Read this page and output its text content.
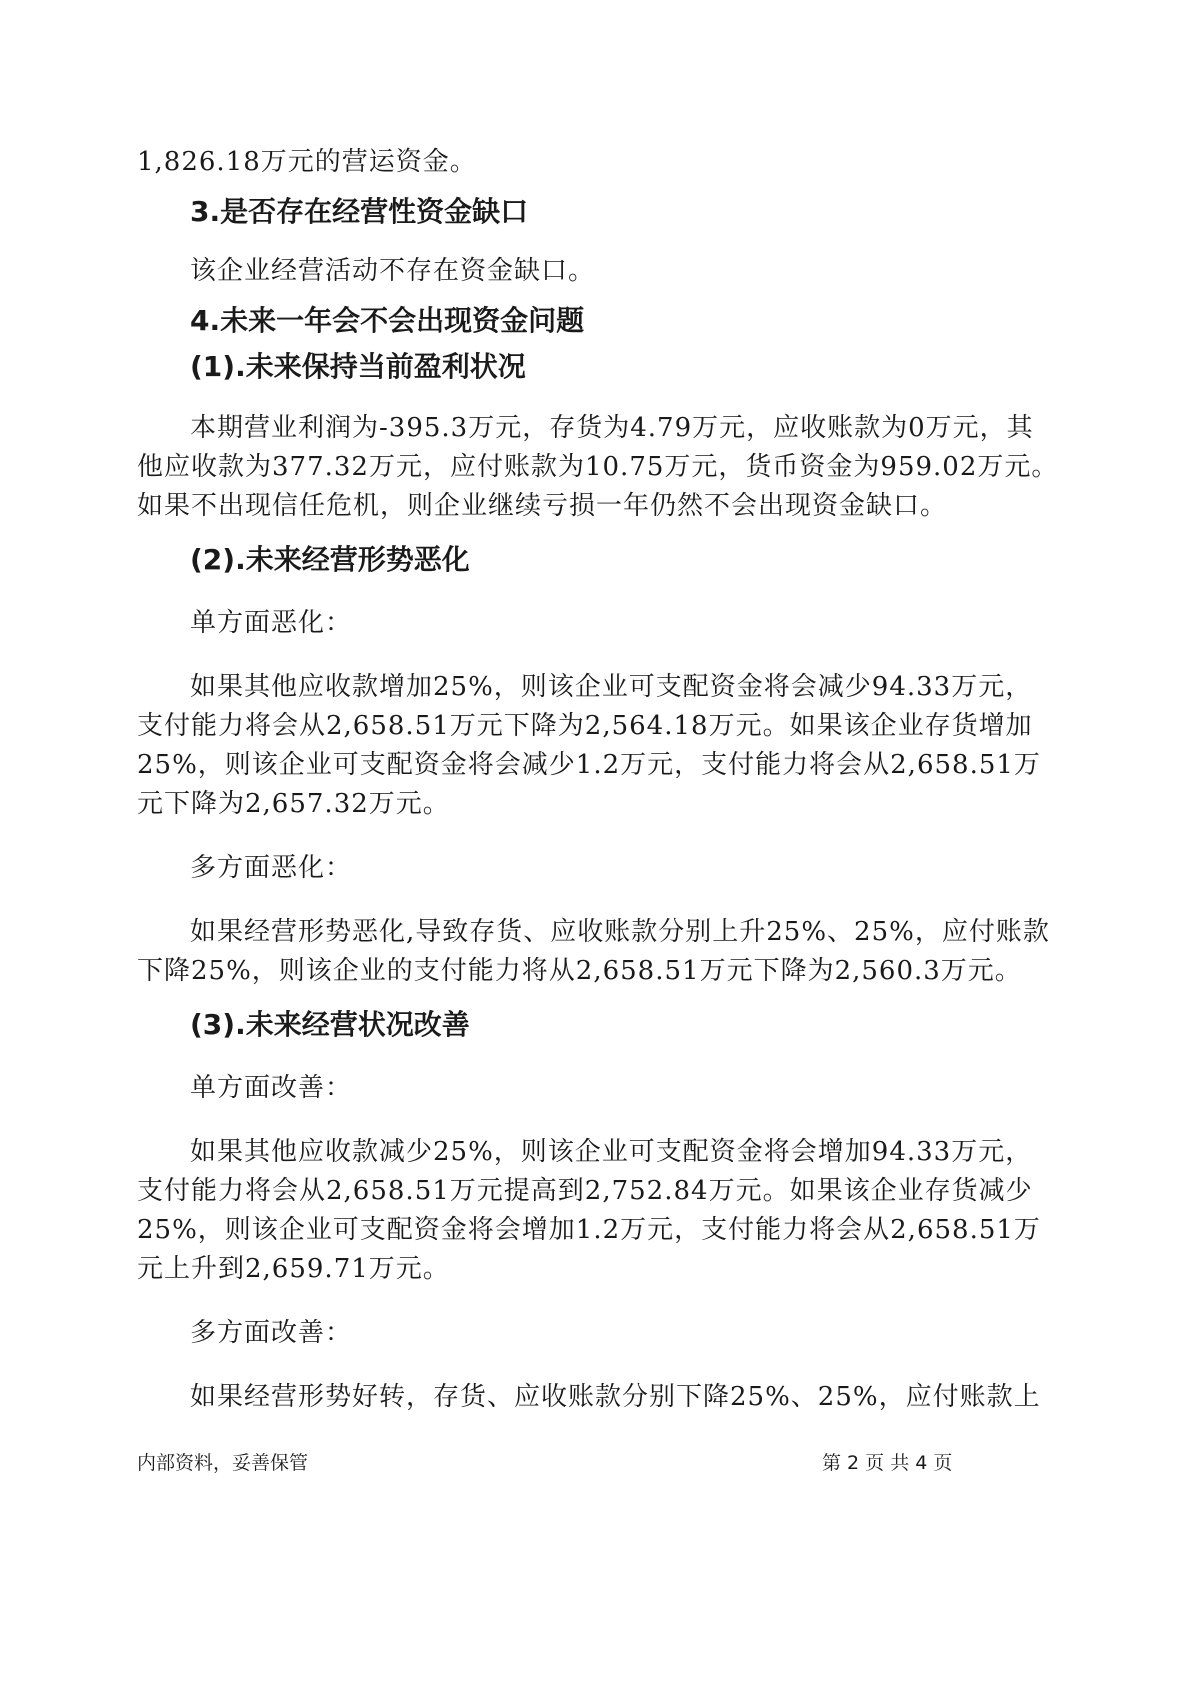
1,826.18万元的营运资金。

3.是否存在经营性资金缺口

该企业经营活动不存在资金缺口。

4.未来一年会不会出现资金问题
(1).未来保持当前盈利状况

本期营业利润为-395.3万元，存货为4.79万元，应收账款为0万元，其

他应收款为377.32万元，应付账款为10.75万元，货币资金为959.02万元。

如果不出现信任危机，则企业继续亏损一年仍然不会出现资金缺口。

(2).未来经营形势恶化

单方面恶化：

如果其他应收款增加25%，则该企业可支配资金将会减少94.33万元，

支付能力将会从2,658.51万元下降为2,564.18万元。如果该企业存货增加

25%，则该企业可支配资金将会减少1.2万元，支付能力将会从2,658.51万

元下降为2,657.32万元。

多方面恶化：

如果经营形势恶化,导致存货、应收账款分别上升25%、25%，应付账款

下降25%，则该企业的支付能力将从2,658.51万元下降为2,560.3万元。

(3).未来经营状况改善

单方面改善：

如果其他应收款减少25%，则该企业可支配资金将会增加94.33万元，

支付能力将会从2,658.51万元提高到2,752.84万元。如果该企业存货减少

25%，则该企业可支配资金将会增加1.2万元，支付能力将会从2,658.51万

元上升到2,659.71万元。

多方面改善：

如果经营形势好转，存货、应收账款分别下降25%、25%，应付账款上

内部资料，妥善保管	第 2 页 共 4 页
